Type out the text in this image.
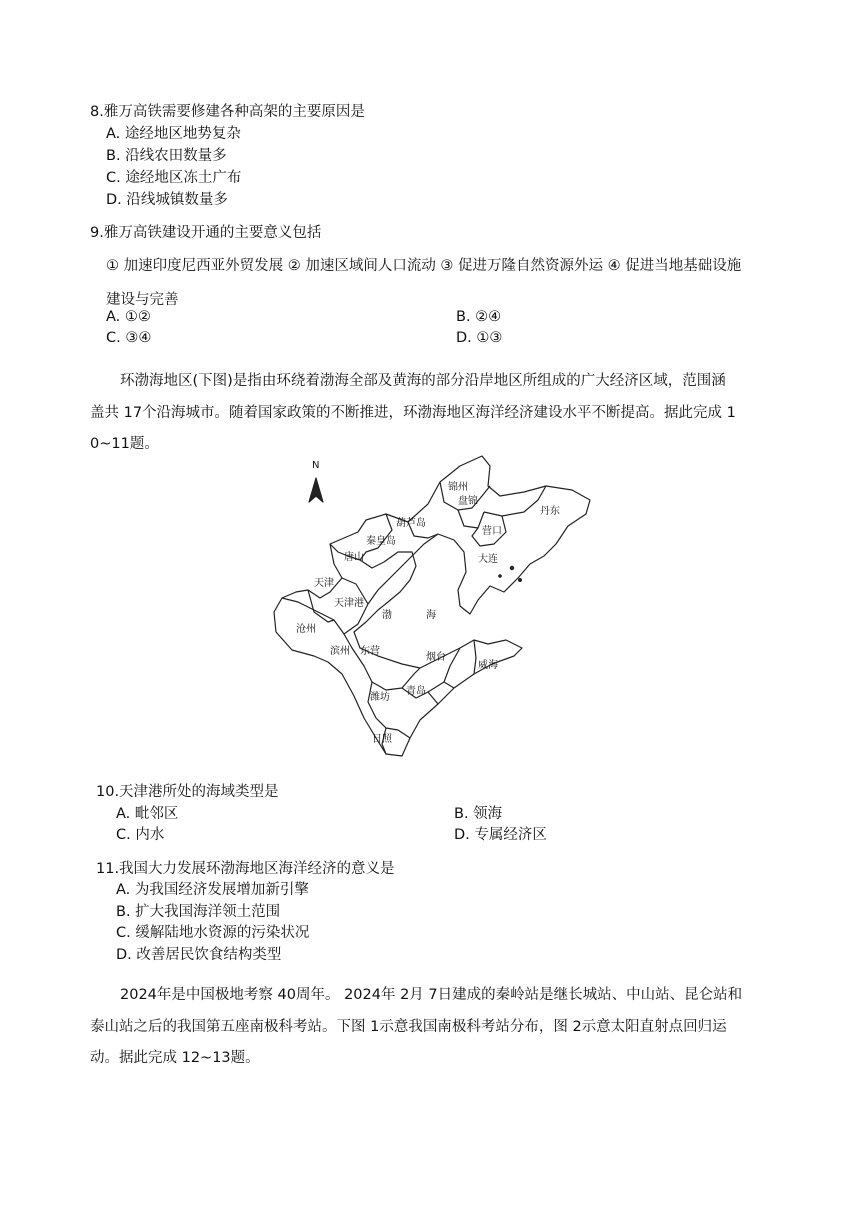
8.雅万高铁需要修建各种高架的主要原因是
A. 途经地区地势复杂
B. 沿线农田数量多
C. 途经地区冻土广布
D. 沿线城镇数量多
9.雅万高铁建设开通的主要意义包括
① 加速印度尼西亚外贸发展 ② 加速区域间人口流动 ③ 促进万隆自然资源外运 ④ 促进当地基础设施
建设与完善
A. ①②	B. ②④
C. ③④	D. ①③
环渤海地区(下图)是指由环绕着渤海全部及黄海的部分沿岸地区所组成的广大经济区域，范围涵
盖共 17个沿海城市。随着国家政策的不断推进，环渤海地区海洋经济建设水平不断提高。据此完成 1
0~11题。
N
锦州
盘锦
葫芦岛
秦皇岛
唐山
营口
丹东
大连
天津
天津港
渤	海
沧州
滨州 东营
烟台
威海
潍坊
青岛
日照
10.天津港所处的海域类型是
A. 毗邻区	B. 领海
C. 内水	D. 专属经济区
11.我国大力发展环渤海地区海洋经济的意义是
A. 为我国经济发展增加新引擎
B. 扩大我国海洋领土范围
C. 缓解陆地水资源的污染状况
D. 改善居民饮食结构类型
2024年是中国极地考察 40周年。 2024年 2月 7日建成的秦岭站是继长城站、中山站、昆仑站和
泰山站之后的我国第五座南极科考站。下图 1示意我国南极科考站分布，图 2示意太阳直射点回归运
动。据此完成 12~13题。
